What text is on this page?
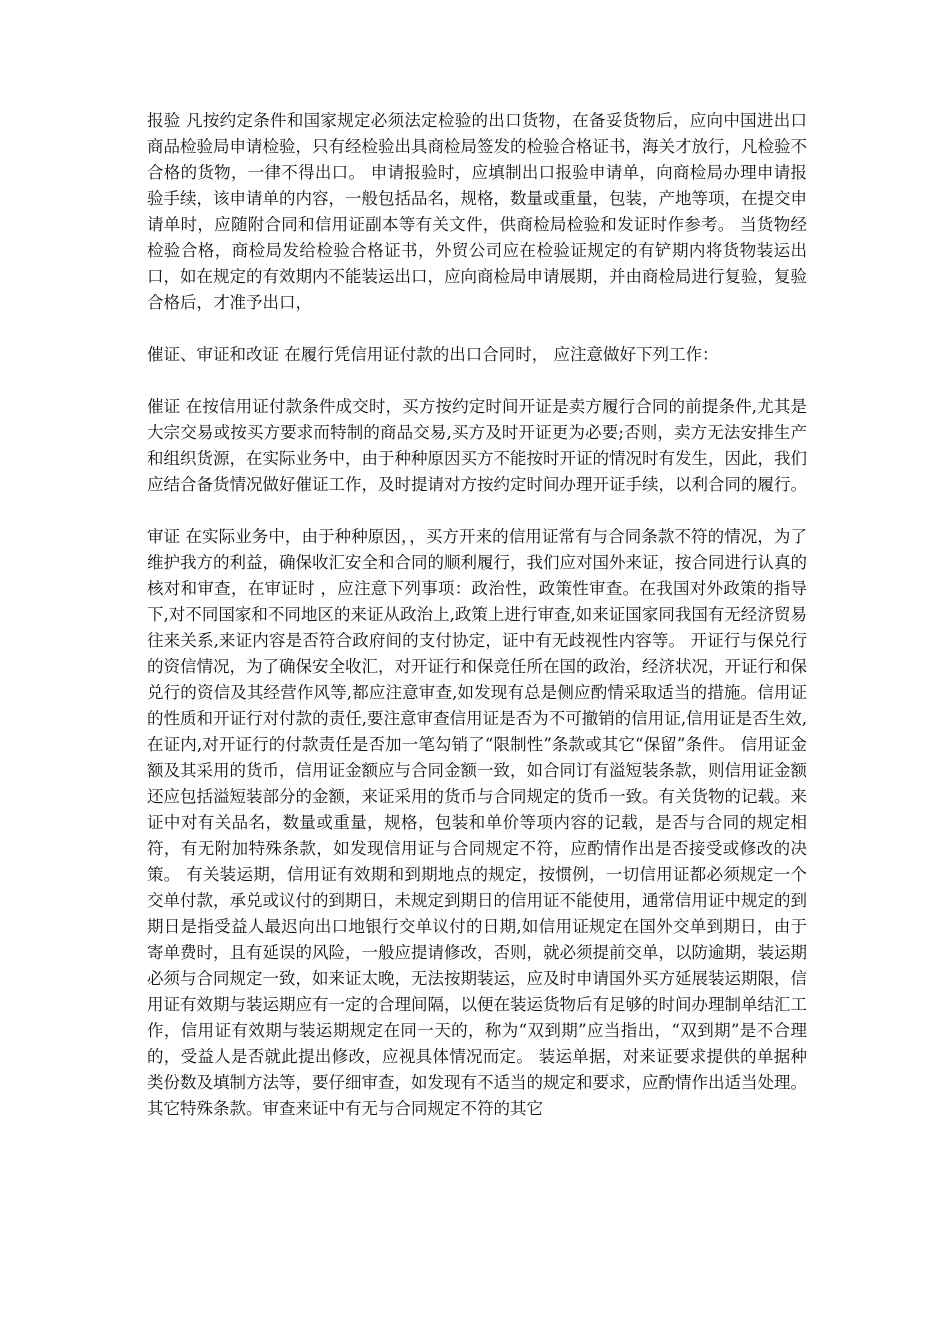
报验 凡按约定条件和国家规定必须法定检验的出口货物，在备妥货物后，应向中国进出口商品检验局申请检验，只有经检验出具商检局签发的检验合格证书，海关才放行，凡检验不合格的货物，一律不得出口。 申请报验时，应填制出口报验申请单，向商检局办理申请报验手续，该申请单的内容，一般包括品名，规格，数量或重量，包装，产地等项，在提交申请单时，应随附合同和信用证副本等有关文件，供商检局检验和发证时作参考。 当货物经检验合格，商检局发给检验合格证书，外贸公司应在检验证规定的有铲期内将货物装运出口，如在规定的有效期内不能装运出口，应向商检局申请展期，并由商检局进行复验，复验合格后，才准予出口，

催证、审证和改证 在履行凭信用证付款的出口合同时， 应注意做好下列工作：

催证 在按信用证付款条件成交时，买方按约定时间开证是卖方履行合同的前提条件,尤其是大宗交易或按买方要求而特制的商品交易,买方及时开证更为必要;否则，卖方无法安排生产和组织货源，在实际业务中，由于种种原因买方不能按时开证的情况时有发生，因此，我们应结合备货情况做好催证工作，及时提请对方按约定时间办理开证手续，以利合同的履行。

审证 在实际业务中，由于种种原因，，买方开来的信用证常有与合同条款不符的情况，为了维护我方的利益，确保收汇安全和合同的顺利履行，我们应对国外来证，按合同进行认真的核对和审查，在审证时 ，应注意下列事项：政治性，政策性审查。在我国对外政策的指导下,对不同国家和不同地区的来证从政治上,政策上进行审查,如来证国家同我国有无经济贸易往来关系,来证内容是否符合政府间的支付协定，证中有无歧视性内容等。 开证行与保兑行的资信情况，为了确保安全收汇，对开证行和保竞任所在国的政治，经济状况，开证行和保兑行的资信及其经营作风等,都应注意审查,如发现有总是侧应酌情采取适当的措施。信用证的性质和开证行对付款的责任,要注意审查信用证是否为不可撤销的信用证,信用证是否生效,在证内,对开证行的付款责任是否加一笔勾销了“限制性”条款或其它“保留”条件。 信用证金额及其采用的货币，信用证金额应与合同金额一致，如合同订有溢短装条款，则信用证金额还应包括溢短装部分的金额，来证采用的货币与合同规定的货币一致。有关货物的记载。来证中对有关品名，数量或重量，规格，包装和单价等项内容的记载，是否与合同的规定相符，有无附加特殊条款，如发现信用证与合同规定不符，应酌情作出是否接受或修改的决策。 有关装运期，信用证有效期和到期地点的规定，按惯例，一切信用证都必须规定一个交单付款，承兑或议付的到期日，未规定到期日的信用证不能使用，通常信用证中规定的到期日是指受益人最迟向出口地银行交单议付的日期,如信用证规定在国外交单到期日，由于寄单费时，且有延误的风险，一般应提请修改，否则，就必须提前交单，以防逾期，装运期必须与合同规定一致，如来证太晚，无法按期装运，应及时申请国外买方延展装运期限，信用证有效期与装运期应有一定的合理间隔，以便在装运货物后有足够的时间办理制单结汇工作，信用证有效期与装运期规定在同一天的，称为“双到期”应当指出，“双到期”是不合理的，受益人是否就此提出修改，应视具体情况而定。 装运单据，对来证要求提供的单据种类份数及填制方法等，要仔细审查，如发现有不适当的规定和要求，应酌情作出适当处理。 其它特殊条款。审查来证中有无与合同规定不符的其它
